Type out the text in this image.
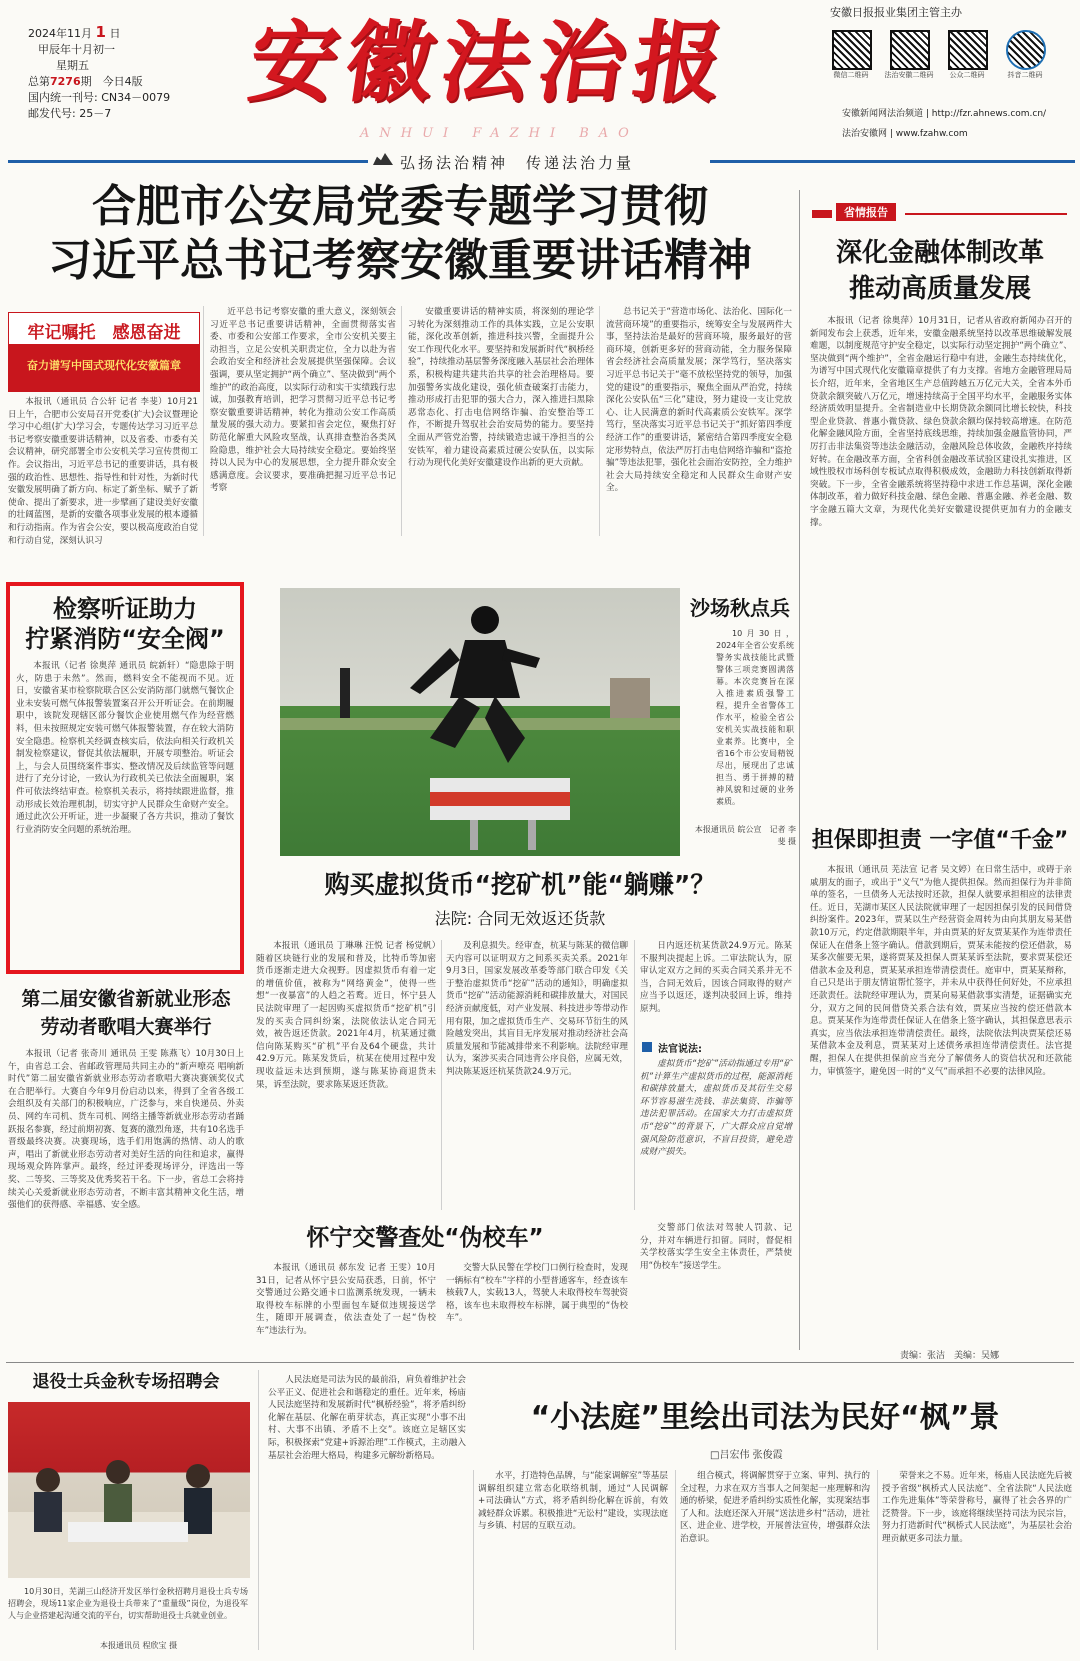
2024年11月 1 日
甲辰年十月初一
星期五
总第7276期　今日4版
国内统一刊号: CN34－0079
邮发代号: 25－7	安徽法治报
ANHUI FAZHI BAO
安徽日报报业集团主管主办
微信二维码	法治安徽二维码	公众二维码	抖音二维码
安徽新闻网法治频道 | http://fzr.ahnews.com.cn/
法治安徽网 | www.fzahw.com
弘扬法治精神　传递法治力量
合肥市公安局党委专题学习贯彻
习近平总书记考察安徽重要讲话精神
牢记嘱托　感恩奋进
奋力谱写中国式现代化安徽篇章
本报讯（通讯员 合公轩 记者 李斐）10月21日上午，合肥市公安局召开党委(扩大)会议暨理论学习中心组(扩大)学习会，专题传达学习习近平总书记考察安徽重要讲话精神，以及省委、市委有关会议精神，研究部署全市公安机关学习宣传贯彻工作。会议指出，习近平总书记的重要讲话，具有极强的政治性、思想性、指导性和针对性，为新时代安徽发展明确了新方向、标定了新坐标、赋予了新使命、提出了新要求，进一步擘画了建设美好安徽的壮阔蓝图，是新的安徽各项事业发展的根本遵循和行动指南。作为省会公安，要以极高度政治自觉和行动自觉，深刻认识习
近平总书记考察安徽的重大意义，深刻领会习近平总书记重要讲话精神，全面贯彻落实省委、市委和公安部工作要求，全市公安机关要主动担当，立足公安机关职责定位，全力以赴为省会政治安全和经济社会发展提供坚强保障。会议强调，要从坚定拥护“两个确立”、坚决做到“两个维护”的政治高度，以实际行动和实干实绩践行忠诚，加强教育培训，把学习贯彻习近平总书记考察安徽重要讲话精神，转化为推动公安工作高质量发展的强大动力。要紧扣省会定位，聚焦打好防范化解重大风险攻坚战，认真排查整治各类风险隐患，维护社会大局持续安全稳定。要始终坚持以人民为中心的发展思想，全力提升群众安全感满意度。会议要求，要准确把握习近平总书记考察
安徽重要讲话的精神实质，将深刻的理论学习转化为深刻推动工作的具体实践，立足公安职能，深化改革创新，推进科技兴警，全面提升公安工作现代化水平。要坚持和发展新时代“枫桥经验”，持续推动基层警务深度融入基层社会治理体系，积极构建共建共治共享的社会治理格局。要加强警务实战化建设，强化侦查破案打击能力，推动形成打击犯罪的强大合力，深入推进扫黑除恶常态化、打击电信网络诈骗、治安整治等工作，不断提升驾驭社会治安局势的能力。要坚持全面从严管党治警，持续锻造忠诚干净担当的公安铁军，着力建设高素质过硬公安队伍，以实际行动为现代化美好安徽建设作出新的更大贡献。
总书记关于“营造市场化、法治化、国际化一流营商环境”的重要指示，统筹安全与发展两件大事，坚持法治是最好的营商环境，服务最好的营商环境，创新更多好的营商动能，全力服务保障省会经济社会高质量发展；深学笃行，坚决落实习近平总书记关于“毫不放松坚持党的领导，加强党的建设”的重要指示，聚焦全面从严治党，持续深化公安队伍“三化”建设，努力建设一支让党放心、让人民满意的新时代高素质公安铁军。深学笃行，坚决落实习近平总书记关于“抓好第四季度经济工作”的重要讲话，紧密结合第四季度安全稳定形势特点，依法严厉打击电信网络诈骗和“盗抢骗”等违法犯罪，强化社会面治安防控，全力维护社会大局持续安全稳定和人民群众生命财产安全。
省情报告
深化金融体制改革
推动高质量发展
本报讯（记者 徐奥萍）10月31日，记者从省政府新闻办召开的新闻发布会上获悉，近年来，安徽金融系统坚持以改革思维破解发展难题，以制度规范守护安全稳定，以实际行动坚定拥护“两个确立”、坚决做到“两个维护”，全省金融运行稳中有进，金融生态持续优化，为谱写中国式现代化安徽篇章提供了有力支撑。省地方金融管理局局长介绍，近年来，全省地区生产总值跨越五万亿元大关，全省本外币贷款余额突破八万亿元，增速持续高于全国平均水平，金融服务实体经济质效明显提升。全省制造业中长期贷款余额同比增长较快，科技型企业贷款、普惠小微贷款、绿色贷款余额均保持较高增速。在防范化解金融风险方面，全省坚持底线思维，持续加强金融监管协同，严厉打击非法集资等违法金融活动，金融风险总体收敛，金融秩序持续好转。在金融改革方面，全省科创金融改革试验区建设扎实推进，区域性股权市场科创专板试点取得积极成效，金融助力科技创新取得新突破。下一步，全省金融系统将坚持稳中求进工作总基调，深化金融体制改革，着力做好科技金融、绿色金融、普惠金融、养老金融、数字金融五篇大文章，为现代化美好安徽建设提供更加有力的金融支撑。
担保即担责 一字值“千金”
本报讯（通讯员 芜法宣 记者 吴文婷）在日常生活中，或碍于亲戚朋友的面子，或出于“义气”为他人提供担保。然而担保行为并非简单的签名，一旦债务人无法按时还款，担保人就要承担相应的法律责任。近日，芜湖市某区人民法院就审理了一起因担保引发的民间借贷纠纷案件。2023年，贾某以生产经营资金周转为由向其朋友易某借款10万元，约定借款期限半年，并由贾某的好友贾某某作为连带责任保证人在借条上签字确认。借款到期后，贾某未能按约偿还借款，易某多次催要无果，遂将贾某及担保人贾某某诉至法院，要求贾某偿还借款本金及利息，贾某某承担连带清偿责任。庭审中，贾某某辩称，自己只是出于朋友情谊帮忙签字，并未从中获得任何好处，不应承担还款责任。法院经审理认为，贾某向易某借款事实清楚，证据确实充分，双方之间的民间借贷关系合法有效，贾某应当按约偿还借款本息。贾某某作为连带责任保证人在借条上签字确认，其担保意思表示真实，应当依法承担连带清偿责任。最终，法院依法判决贾某偿还易某借款本金及利息，贾某某对上述债务承担连带清偿责任。法官提醒，担保人在提供担保前应当充分了解债务人的资信状况和还款能力，审慎签字，避免因一时的“义气”而承担不必要的法律风险。
责编：张洁　美编：吴娜
检察听证助力
拧紧消防“安全阀”
本报讯（记者 徐奥萍 通讯员 皖新轩）“隐患除于明火，防患于未然”。然而，燃料安全不能视而不见。近日，安徽省某市检察院联合区公安消防部门就燃气餐饮企业未安装可燃气体报警装置案召开公开听证会。在前期履职中，该院发现辖区部分餐饮企业使用燃气作为经营燃料，但未按照规定安装可燃气体报警装置，存在较大消防安全隐患。检察机关经调查核实后，依法向相关行政机关制发检察建议，督促其依法履职，开展专项整治。听证会上，与会人员围绕案件事实、整改情况及后续监管等问题进行了充分讨论，一致认为行政机关已依法全面履职，案件可依法终结审查。检察机关表示，将持续跟进监督，推动形成长效治理机制，切实守护人民群众生命财产安全。通过此次公开听证，进一步凝聚了各方共识，推动了餐饮行业消防安全问题的系统治理。
第二届安徽省新就业形态
劳动者歌唱大赛举行
本报讯（记者 张奇川 通讯员 王雯 陈燕飞）10月30日上午，由省总工会、省邮政管理局共同主办的“新声嘹亮 唱响新时代”第二届安徽省新就业形态劳动者歌唱大赛决赛颁奖仪式在合肥举行。大赛自今年9月份启动以来，得到了全省各级工会组织及有关部门的积极响应，广泛参与，来自快递员、外卖员、网约车司机、货车司机、网络主播等新就业形态劳动者踊跃报名参赛，经过前期初赛、复赛的激烈角逐，共有10名选手晋级最终决赛。决赛现场，选手们用饱满的热情、动人的歌声，唱出了新就业形态劳动者对美好生活的向往和追求，赢得现场观众阵阵掌声。最终，经过评委现场评分，评选出一等奖、二等奖、三等奖及优秀奖若干名。下一步，省总工会将持续关心关爱新就业形态劳动者，不断丰富其精神文化生活，增强他们的获得感、幸福感、安全感。
沙场秋点兵
10月30日，2024年全省公安系统警务实战技能比武暨警体三项竞赛圆满落幕。本次竞赛旨在深入推进素质强警工程，提升全省警体工作水平，检验全省公安机关实战技能和职业素养。比赛中，全省16个市公安局精锐尽出，展现出了忠诚担当、勇于拼搏的精神风貌和过硬的业务素质。
本报通讯员 皖公宣　记者 李斐 摄
购买虚拟货币“挖矿机”能“躺赚”？
法院: 合同无效返还货款
本报讯（通讯员 丁琳琳 汪悦 记者 杨觉帆）随着区块链行业的发展和普及，比特币等加密货币逐渐走进大众视野。因虚拟货币有着一定的增值价值，被称为“网络黄金”，使得一些想“一夜暴富”的人趋之若鹜。近日，怀宁县人民法院审理了一起因购买虚拟货币“挖矿机”引发的买卖合同纠纷案，法院依法认定合同无效，被告返还货款。2021年4月，杭某通过微信向陈某购买“矿机”平台及64个硬盘，共计42.9万元。陈某发货后，杭某在使用过程中发现收益远未达到预期，遂与陈某协商退货未果，诉至法院，要求陈某返还货款。
及利息损失。经审查，杭某与陈某的微信聊天内容可以证明双方之间系买卖关系。2021年9月3日，国家发展改革委等部门联合印发《关于整治虚拟货币“挖矿”活动的通知》，明确虚拟货币“挖矿”活动能源消耗和碳排放量大，对国民经济贡献度低，对产业发展、科技进步等带动作用有限，加之虚拟货币生产、交易环节衍生的风险越发突出，其盲目无序发展对推动经济社会高质量发展和节能减排带来不利影响。法院经审理认为，案涉买卖合同违背公序良俗，应属无效，判决陈某返还杭某货款24.9万元。
日内返还杭某货款24.9万元。陈某不服判决提起上诉。二审法院认为，原审认定双方之间的买卖合同关系并无不当，合同无效后，因该合同取得的财产应当予以返还，遂判决驳回上诉，维持原判。
法官说法:
虚拟货币“挖矿”活动指通过专用“矿机”计算生产虚拟货币的过程，能源消耗和碳排放量大，虚拟货币及其衍生交易环节容易滋生洗钱、非法集资、诈骗等违法犯罪活动。在国家大力打击虚拟货币“挖矿”的背景下，广大群众应自觉增强风险防范意识，不盲目投资，避免造成财产损失。
怀宁交警查处“伪校车”
本报讯（通讯员 郝东发 记者 王雯）10月31日，记者从怀宁县公安局获悉，日前，怀宁交警通过公路交通卡口监测系统发现，一辆未取得校车标牌的小型面包车疑似违规接送学生，随即开展调查，依法查处了一起“伪校车”违法行为。
交警大队民警在学校门口例行检查时，发现一辆标有“校车”字样的小型普通客车，经查该车核载7人，实载13人，驾驶人未取得校车驾驶资格，该车也未取得校车标牌，属于典型的“伪校车”。
交警部门依法对驾驶人罚款、记分，并对车辆进行扣留。同时，督促相关学校落实学生安全主体责任，严禁使用“伪校车”接送学生。
退役士兵金秋专场招聘会
10月30日，芜湖三山经济开发区举行金秋招聘月退役士兵专场招聘会，现场11家企业为退役士兵带来了“重量级”岗位，为退役军人与企业搭建起沟通交流的平台，切实帮助退役士兵就业创业。
本报通讯员 程欣宝 摄
“小法庭”里绘出司法为民好“枫”景
□吕宏伟 张俊霞
人民法庭是司法为民的最前沿，肩负着维护社会公平正义、促进社会和谐稳定的重任。近年来，杨庙人民法庭坚持和发展新时代“枫桥经验”，将矛盾纠纷化解在基层、化解在萌芽状态，真正实现“小事不出村、大事不出镇、矛盾不上交”。该庭立足辖区实际，积极探索“党建+诉源治理”工作模式，主动融入基层社会治理大格局，构建多元解纷新格局。
水平，打造特色品牌，与“能家调解室”等基层调解组织建立常态化联络机制，通过“人民调解+司法确认”方式，将矛盾纠纷化解在诉前，有效减轻群众诉累。积极推进“无讼村”建设，实现法庭与乡镇、村居的互联互动。
组合模式，将调解贯穿于立案、审判、执行的全过程，力求在双方当事人之间架起一座理解和沟通的桥梁，促进矛盾纠纷实质性化解，实现案结事了人和。法庭还深入开展“送法进乡村”活动，进社区、进企业、进学校，开展普法宣传，增强群众法治意识。
荣誉来之不易。近年来，杨庙人民法庭先后被授予省级“枫桥式人民法庭”、全省法院“人民法庭工作先进集体”等荣誉称号，赢得了社会各界的广泛赞誉。下一步，该庭将继续坚持司法为民宗旨，努力打造新时代“枫桥式人民法庭”，为基层社会治理贡献更多司法力量。
